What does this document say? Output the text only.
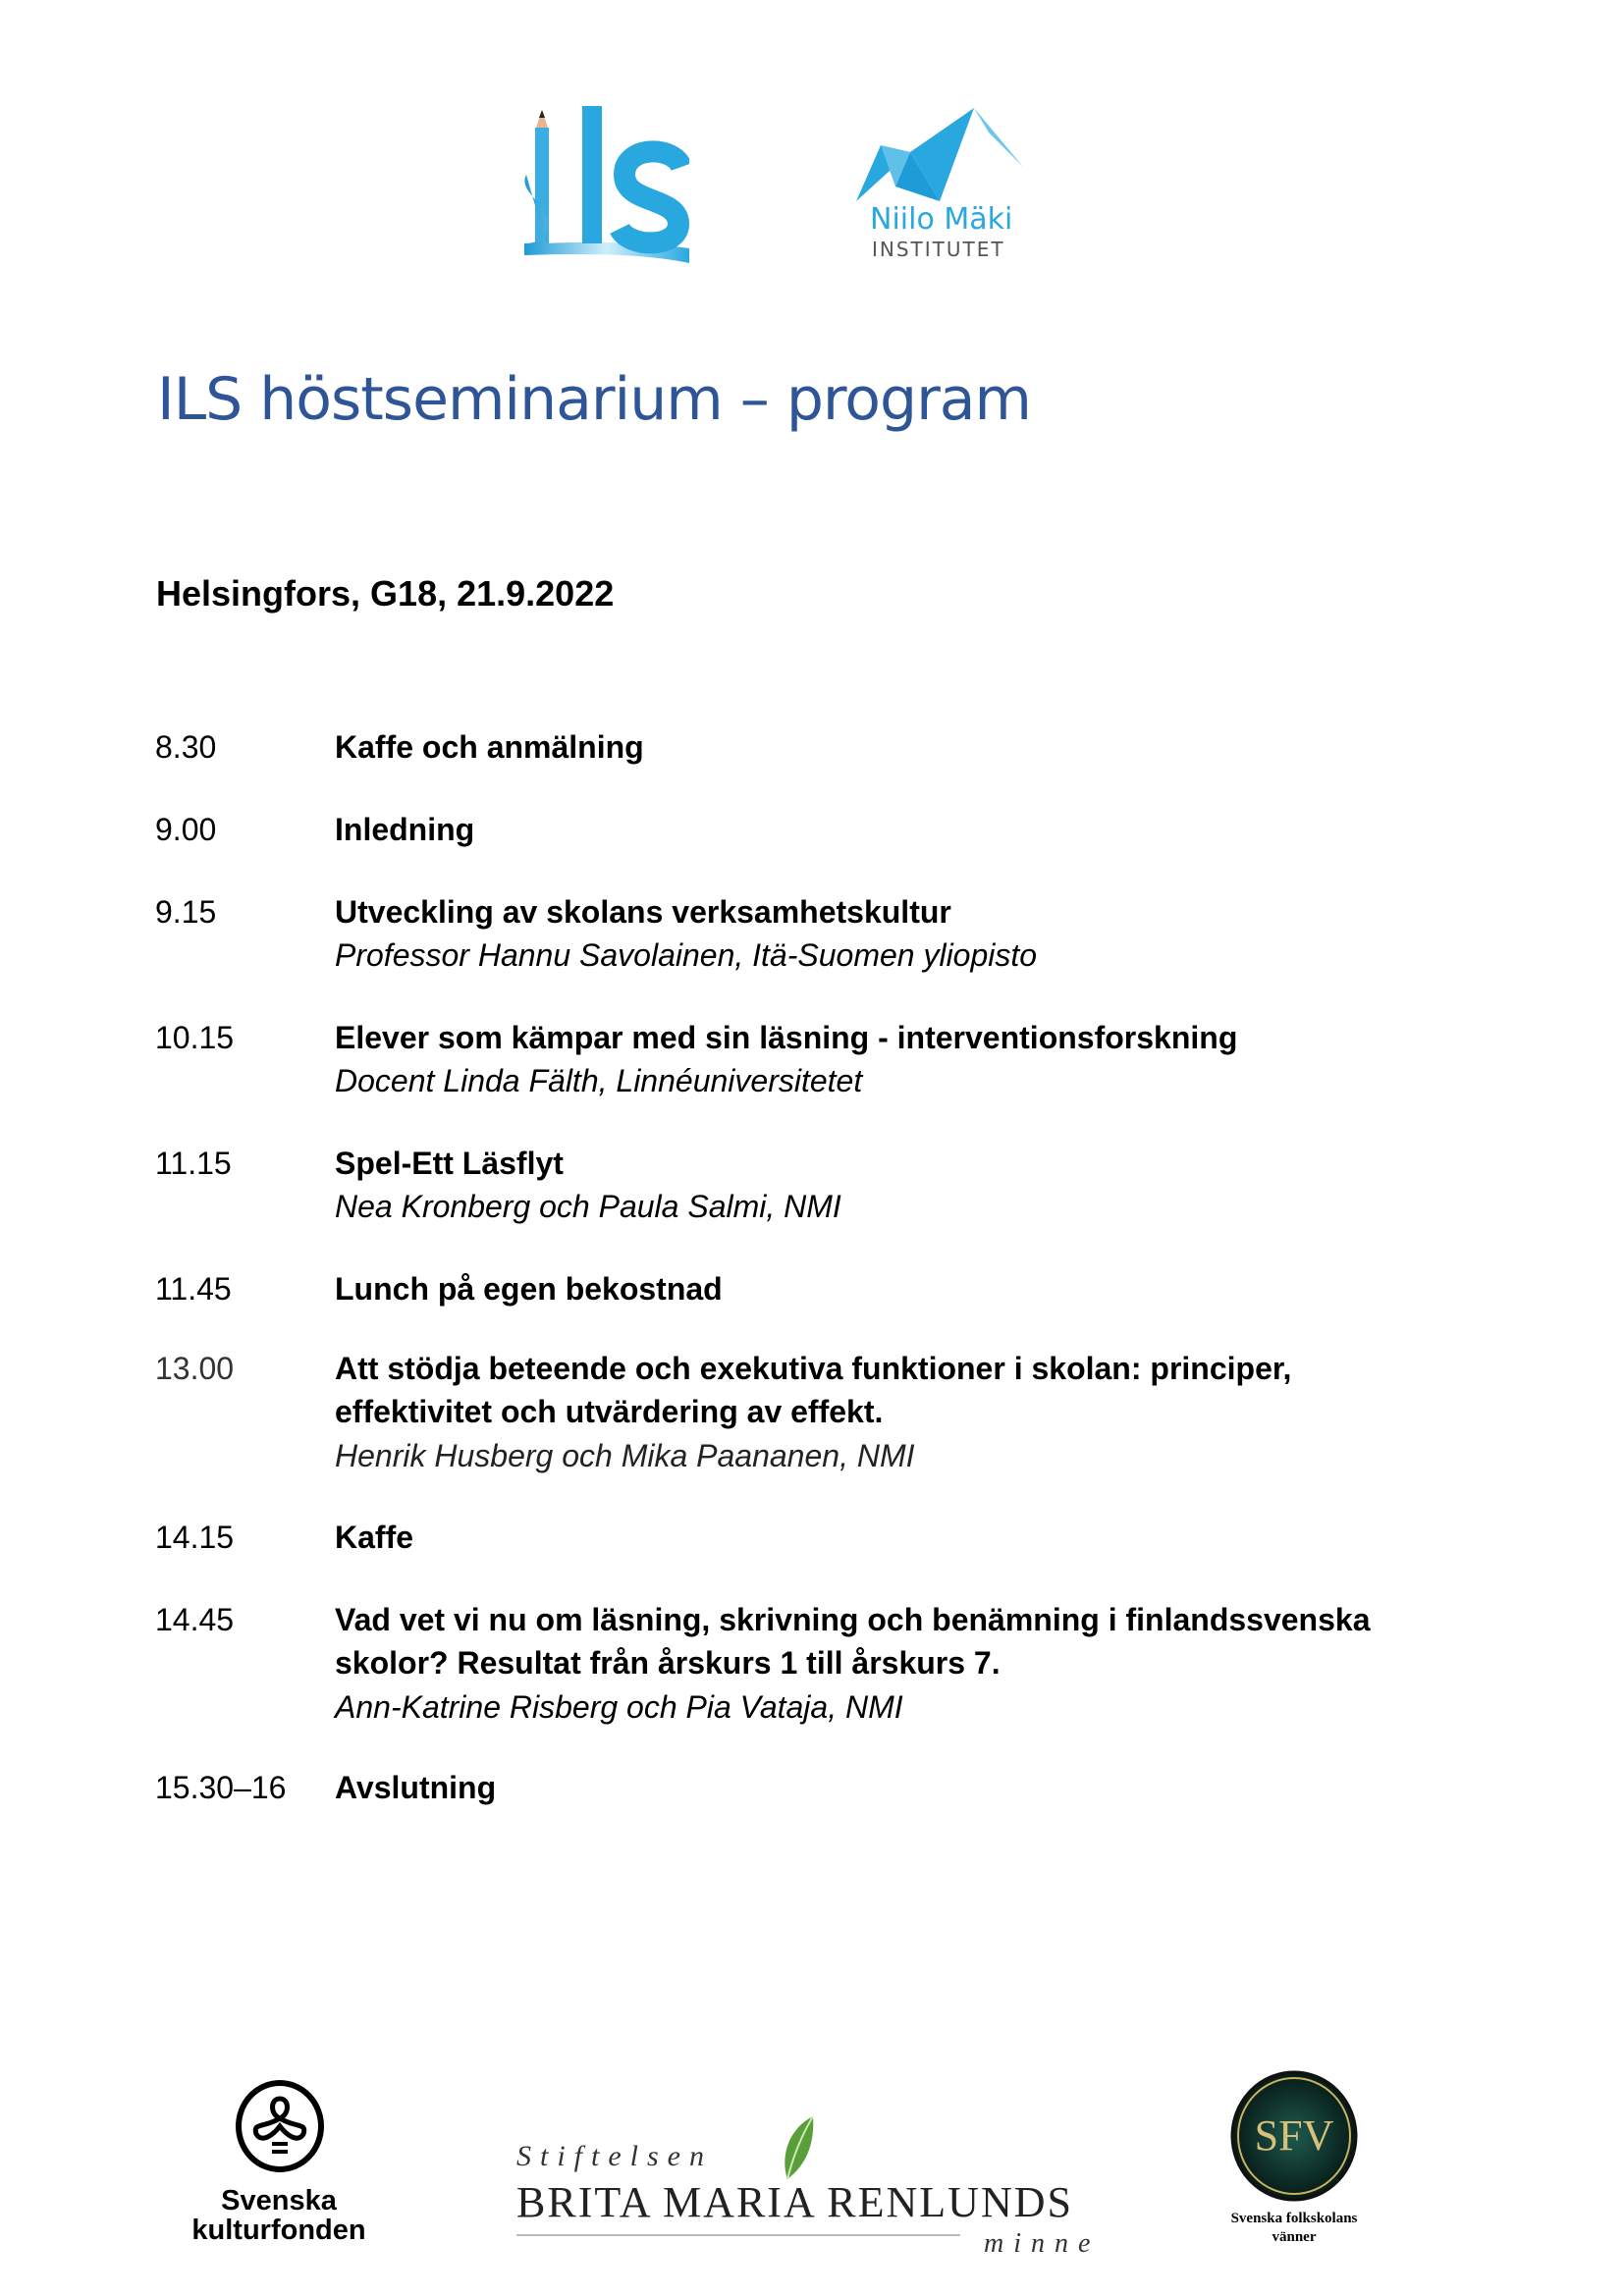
Niilo Mäki
INSTITUTET
ILS höstseminarium – program
Helsingfors, G18, 21.9.2022
8.30	Kaffe och anmälning
9.00	Inledning
9.15	Utveckling av skolans verksamhetskultur
Professor Hannu Savolainen, Itä-Suomen yliopisto
10.15	Elever som kämpar med sin läsning - interventionsforskning
Docent Linda Fälth, Linnéuniversitetet
11.15	Spel-Ett Läsflyt
Nea Kronberg och Paula Salmi, NMI
11.45	Lunch på egen bekostnad
13.00	Att stödja beteende och exekutiva funktioner i skolan: principer,
effektivitet och utvärdering av effekt.
Henrik Husberg och Mika Paananen, NMI
14.15	Kaffe
14.45	Vad vet vi nu om läsning, skrivning och benämning i finlandssvenska
skolor? Resultat från årskurs 1 till årskurs 7.
Ann-Katrine Risberg och Pia Vataja, NMI
15.30–16 Avslutning
Svenska
kulturfonden
Stiftelsen
BRITA MARIA RENLUNDS
minne
SFV
Svenska folkskolans
vänner
